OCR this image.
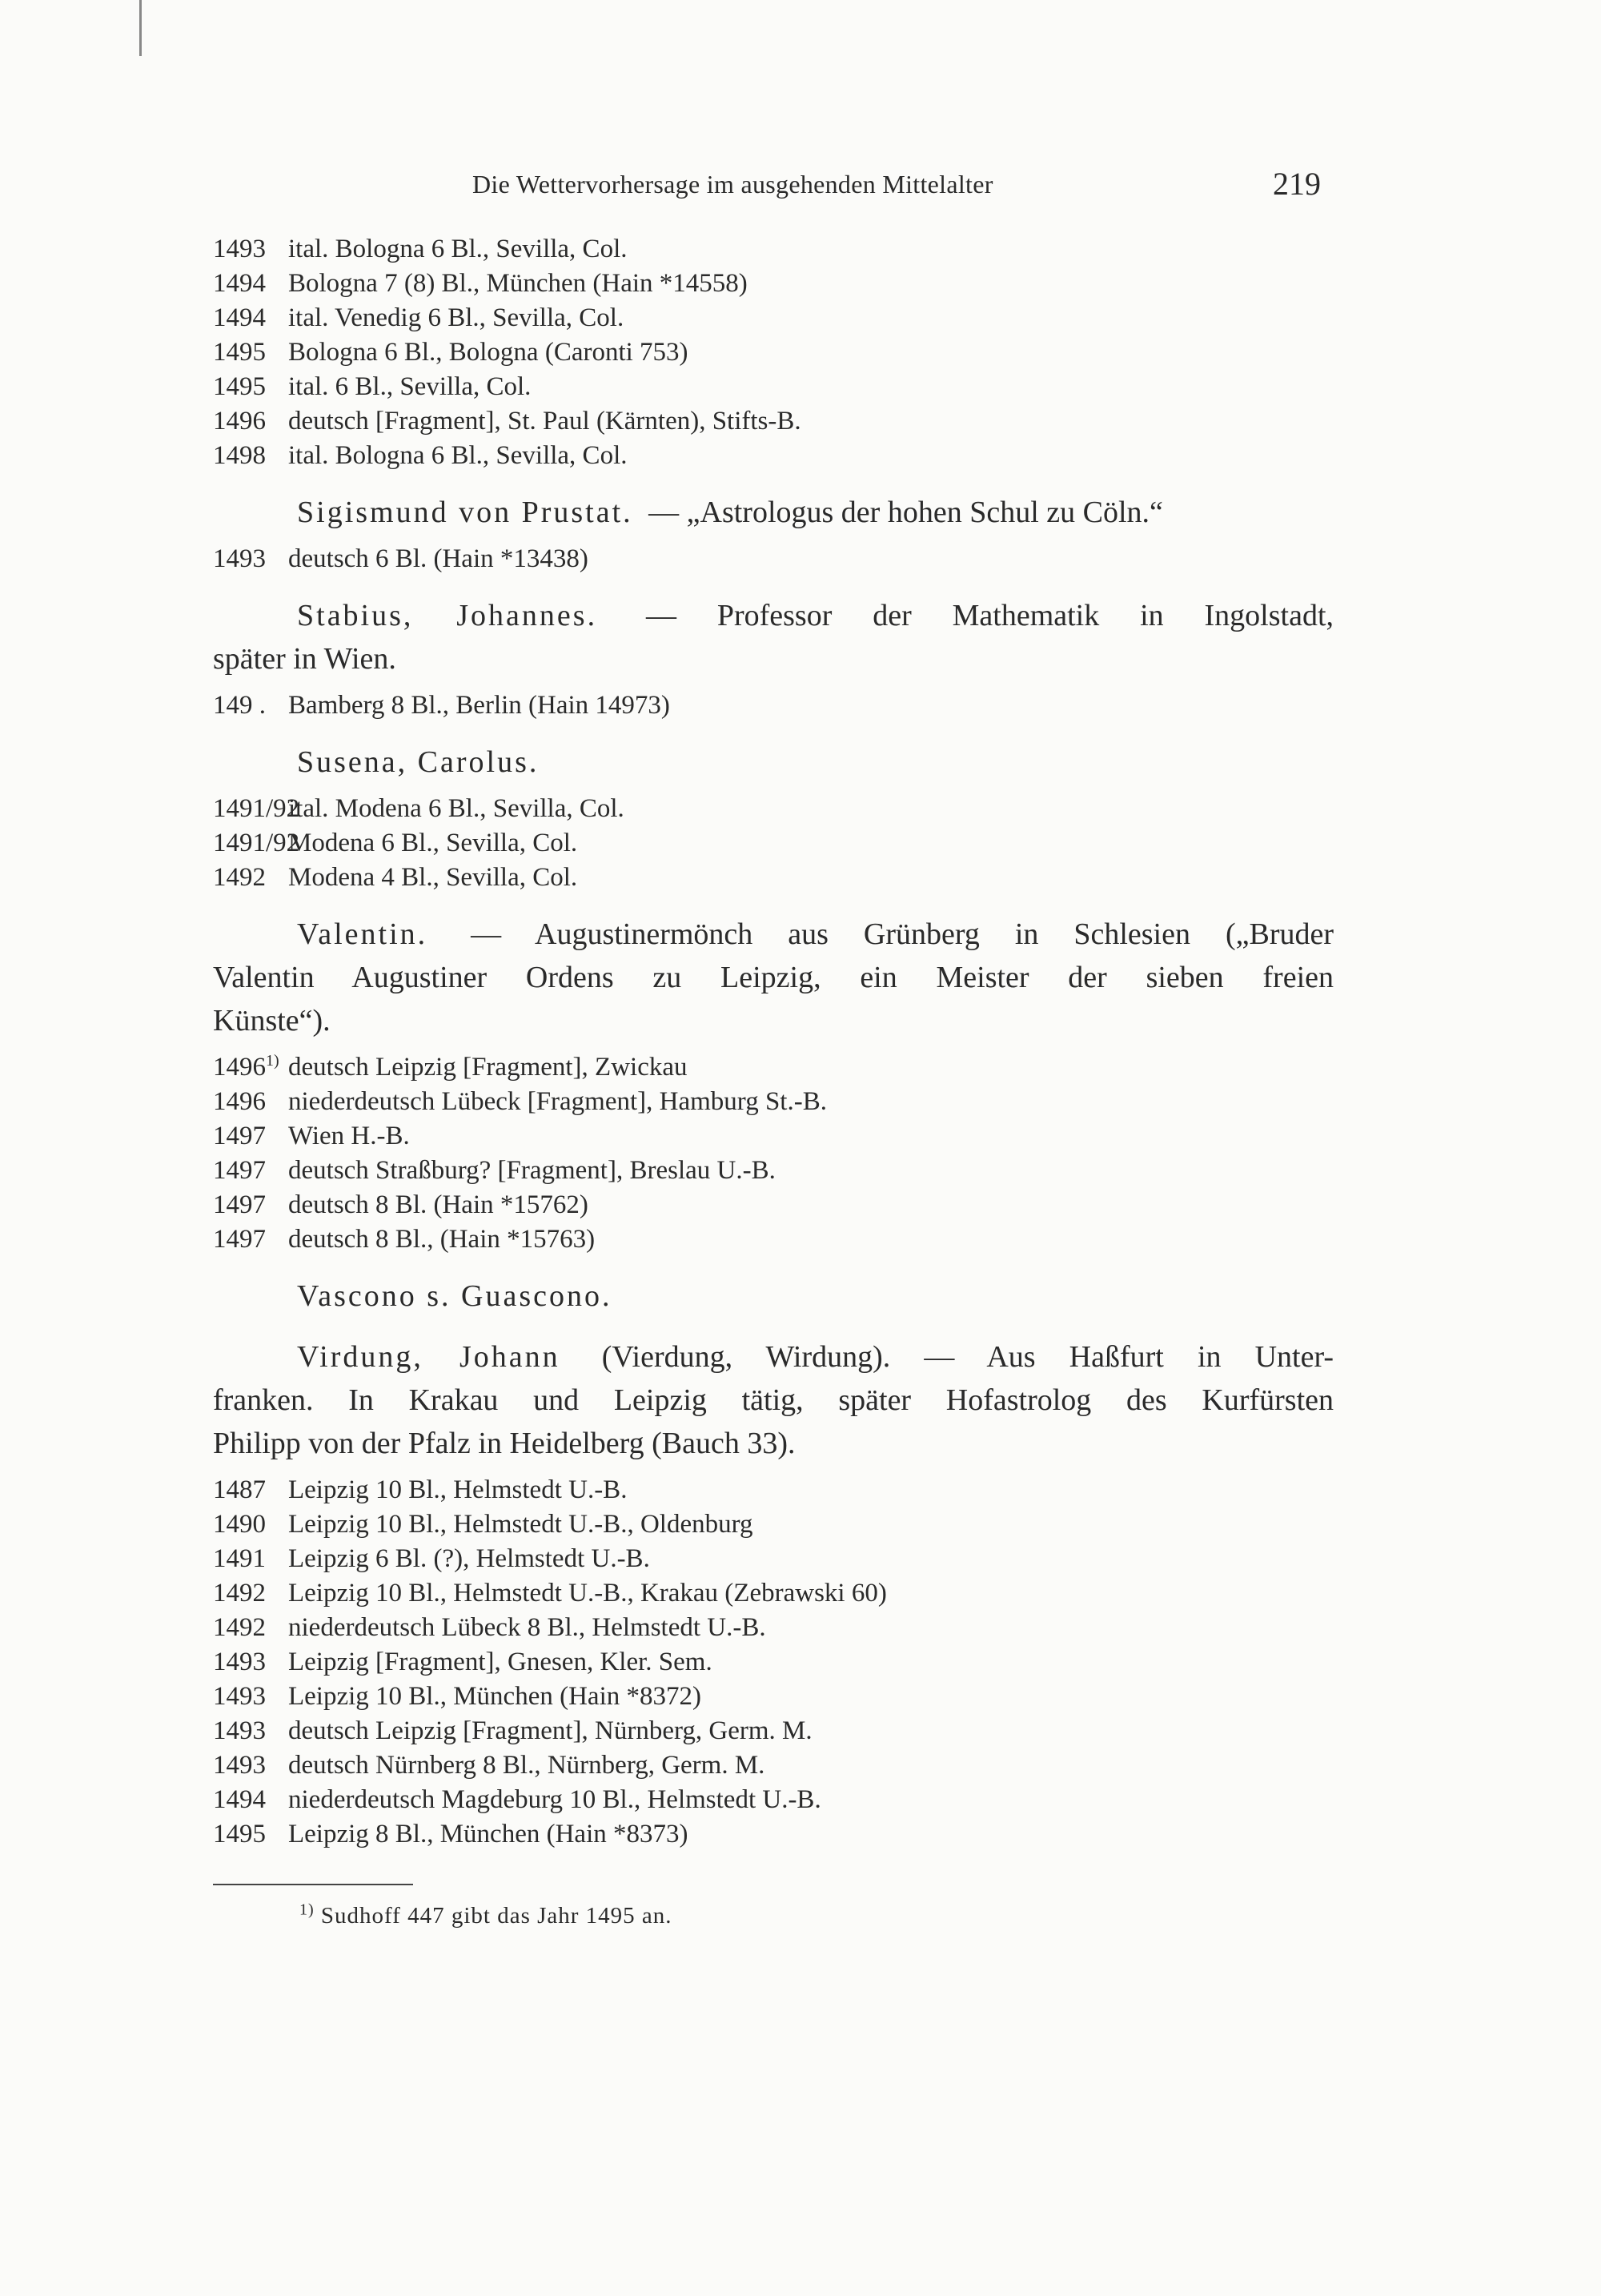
Die Wettervorhersage im ausgehenden Mittelalter	219
1493 ital. Bologna 6 Bl., Sevilla, Col.
1494 Bologna 7 (8) Bl., München (Hain *14558)
1494 ital. Venedig 6 Bl., Sevilla, Col.
1495 Bologna 6 Bl., Bologna (Caronti 753)
1495 ital. 6 Bl., Sevilla, Col.
1496 deutsch [Fragment], St. Paul (Kärnten), Stifts-B.
1498 ital. Bologna 6 Bl., Sevilla, Col.
Sigismund von Prustat. — „Astrologus der hohen Schul zu Cöln.“
1493 deutsch 6 Bl. (Hain *13438)
Stabius, Johannes. — Professor der Mathematik in Ingolstadt,
später in Wien.
149 . Bamberg 8 Bl., Berlin (Hain 14973)
Susena, Carolus.
1491/92ital. Modena 6 Bl., Sevilla, Col.
1491/92Modena 6 Bl., Sevilla, Col.
1492 Modena 4 Bl., Sevilla, Col.
Valentin. — Augustinermönch aus Grünberg in Schlesien („Bruder
Valentin Augustiner Ordens zu Leipzig, ein Meister der sieben freien
Künste“).
1496$^{1)}$ deutsch Leipzig [Fragment], Zwickau
1496 niederdeutsch Lübeck [Fragment], Hamburg St.-B.
1497 Wien H.-B.
1497 deutsch Straßburg? [Fragment], Breslau U.-B.
1497 deutsch 8 Bl. (Hain *15762)
1497 deutsch 8 Bl., (Hain *15763)
Vascono s. Guascono.
Virdung, Johann (Vierdung, Wirdung). — Aus Haßfurt in Unter-
franken. In Krakau und Leipzig tätig, später Hofastrolog des Kurfürsten
Philipp von der Pfalz in Heidelberg (Bauch 33).
1487 Leipzig 10 Bl., Helmstedt U.-B.
1490 Leipzig 10 Bl., Helmstedt U.-B., Oldenburg
1491 Leipzig 6 Bl. (?), Helmstedt U.-B.
1492 Leipzig 10 Bl., Helmstedt U.-B., Krakau (Zebrawski 60)
1492 niederdeutsch Lübeck 8 Bl., Helmstedt U.-B.
1493 Leipzig [Fragment], Gnesen, Kler. Sem.
1493 Leipzig 10 Bl., München (Hain *8372)
1493 deutsch Leipzig [Fragment], Nürnberg, Germ. M.
1493 deutsch Nürnberg 8 Bl., Nürnberg, Germ. M.
1494 niederdeutsch Magdeburg 10 Bl., Helmstedt U.-B.
1495 Leipzig 8 Bl., München (Hain *8373)
$^{1)}$ Sudhoff 447 gibt das Jahr 1495 an.
